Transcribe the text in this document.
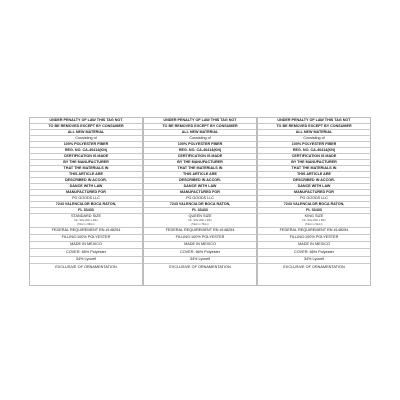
UNDER PENALTY OF LAW THIS TAG NOT
TO BE REMOVED EXCEPT BY CONSUMER
ALL NEW MATERIAL
Consisting of
100% POLYESTER FIBER
REG. NO. CA-40414(KN)
CERTIFICATION IS MADE
BY THE MANUFACTURER
THAT THE MATERIALS IN
THIS ARTICLE ARE
DESCRIBED IN ACCOR-
DANCE WITH LAW
MANUFACTURED FOR
PG GOODS LLC
7243 VALENCIA DR BOCA RATON,
FL 33433
STANDARD SIZE
Fin. Size 20in x 26in
(51cm x 66cm)
FEDERAL REQUIREMENT RN #148254
FILLING:100% POLYESTER
MADE IN MEXICO
COVER: 66% Polyester
34% Lyocell
EXCLUSIVE OF ORNAMENTATION
UNDER PENALTY OF LAW THIS TAG NOT
TO BE REMOVED EXCEPT BY CONSUMER
ALL NEW MATERIAL
Consisting of
100% POLYESTER FIBER
REG. NO. CA-40414(KN)
CERTIFICATION IS MADE
BY THE MANUFACTURER
THAT THE MATERIALS IN
THIS ARTICLE ARE
DESCRIBED IN ACCOR-
DANCE WITH LAW
MANUFACTURED FOR
PG GOODS LLC
7243 VALENCIA DR BOCA RATON,
FL 33433
QUEEN SIZE
Fin. Size 20in x 30in
(51cm x 76cm)
FEDERAL REQUIREMENT RN #148254
FILLING:100% POLYESTER
MADE IN MEXICO
COVER: 66% Polyester
34% Lyocell
EXCLUSIVE OF ORNAMENTATION
UNDER PENALTY OF LAW THIS TAG NOT
TO BE REMOVED EXCEPT BY CONSUMER
ALL NEW MATERIAL
Consisting of
100% POLYESTER FIBER
REG. NO. CA-40414(KN)
CERTIFICATION IS MADE
BY THE MANUFACTURER
THAT THE MATERIALS IN
THIS ARTICLE ARE
DESCRIBED IN ACCOR-
DANCE WITH LAW
MANUFACTURED FOR
PG GOODS LLC
7243 VALENCIA DR BOCA RATON,
FL 33433
KING SIZE
Fin. Size 20in x 36in
(51cm x 91cm)
FEDERAL REQUIREMENT RN #148254
FILLING:100% POLYESTER
MADE IN MEXICO
COVER: 66% Polyester
34% Lyocell
EXCLUSIVE OF ORNAMENTATION
